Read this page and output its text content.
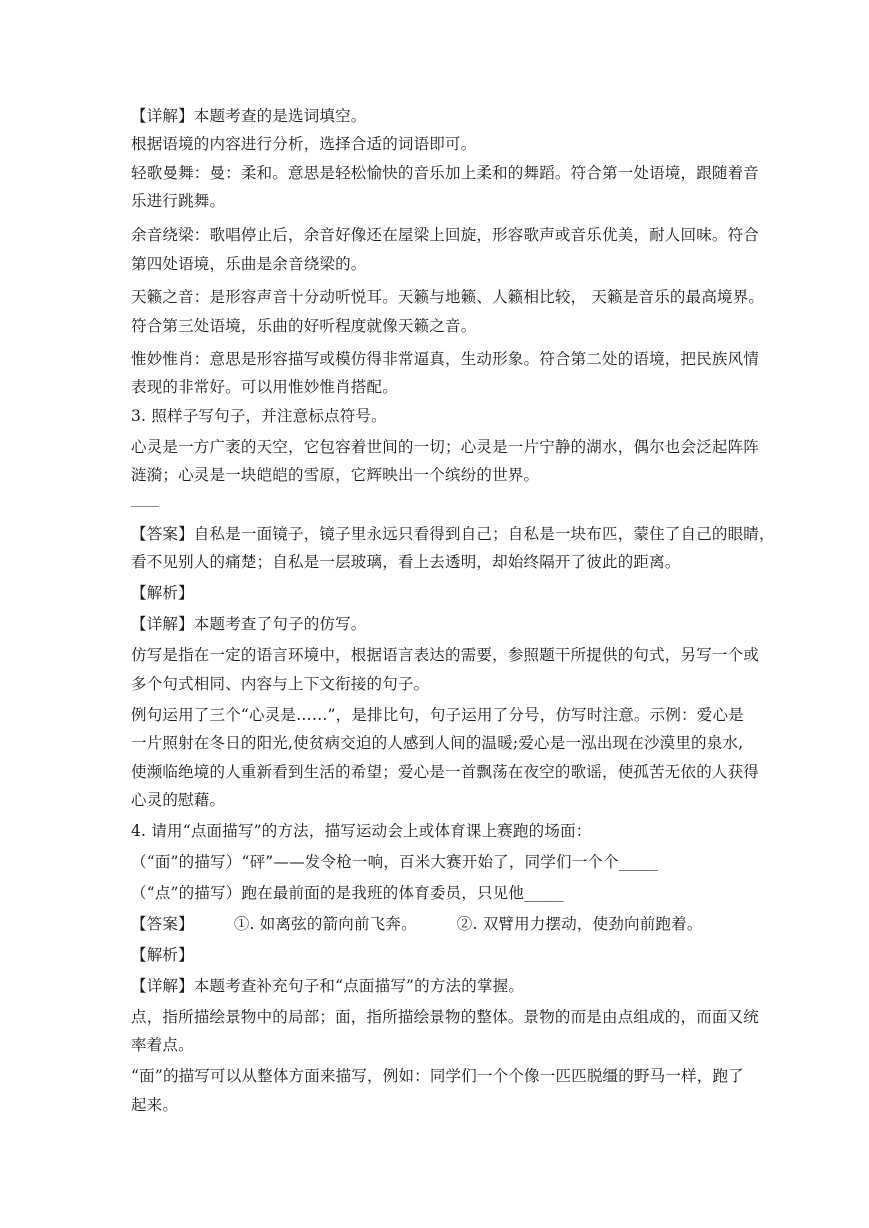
【详解】本题考查的是选词填空。
根据语境的内容进行分析，选择合适的词语即可。
轻歌曼舞：曼：柔和。意思是轻松愉快的音乐加上柔和的舞蹈。符合第一处语境，跟随着音
乐进行跳舞。
余音绕梁：歌唱停止后，余音好像还在屋梁上回旋，形容歌声或音乐优美，耐人回味。符合
第四处语境，乐曲是余音绕梁的。
天籁之音：是形容声音十分动听悦耳。天籁与地籁、人籁相比较， 天籁是音乐的最高境界。
符合第三处语境，乐曲的好听程度就像天籁之音。
惟妙惟肖：意思是形容描写或模仿得非常逼真，生动形象。符合第二处的语境，把民族风情
表现的非常好。可以用惟妙惟肖搭配。
3. 照样子写句子，并注意标点符号。
心灵是一方广袤的天空，它包容着世间的一切；心灵是一片宁静的湖水，偶尔也会泛起阵阵
涟漪；心灵是一块皑皑的雪原，它辉映出一个缤纷的世界。
【答案】自私是一面镜子，镜子里永远只看得到自己；自私是一块布匹，蒙住了自己的眼睛，
看不见别人的痛楚；自私是一层玻璃，看上去透明，却始终隔开了彼此的距离。
【解析】
【详解】本题考查了句子的仿写。
仿写是指在一定的语言环境中，根据语言表达的需要，参照题干所提供的句式，另写一个或
多个句式相同、内容与上下文衔接的句子。
例句运用了三个“心灵是……”，是排比句，句子运用了分号，仿写时注意。示例：爱心是
一片照射在冬日的阳光,使贫病交迫的人感到人间的温暖;爱心是一泓出现在沙漠里的泉水,
使濒临绝境的人重新看到生活的希望；爱心是一首飘荡在夜空的歌谣，使孤苦无依的人获得
心灵的慰藉。
4. 请用“点面描写”的方法，描写运动会上或体育课上赛跑的场面：
（“面”的描写）“砰”——发令枪一响，百米大赛开始了，同学们一个个_____
（“点”的描写）跑在最前面的是我班的体育委员，只见他_____
【答案】	①. 如离弦的箭向前飞奔。	②. 双臂用力摆动，使劲向前跑着。
【解析】
【详解】本题考查补充句子和“点面描写”的方法的掌握。
点，指所描绘景物中的局部；面，指所描绘景物的整体。景物的而是由点组成的，而面又统
率着点。
“面”的描写可以从整体方面来描写，例如：同学们一个个像一匹匹脱缰的野马一样，跑了
起来。
